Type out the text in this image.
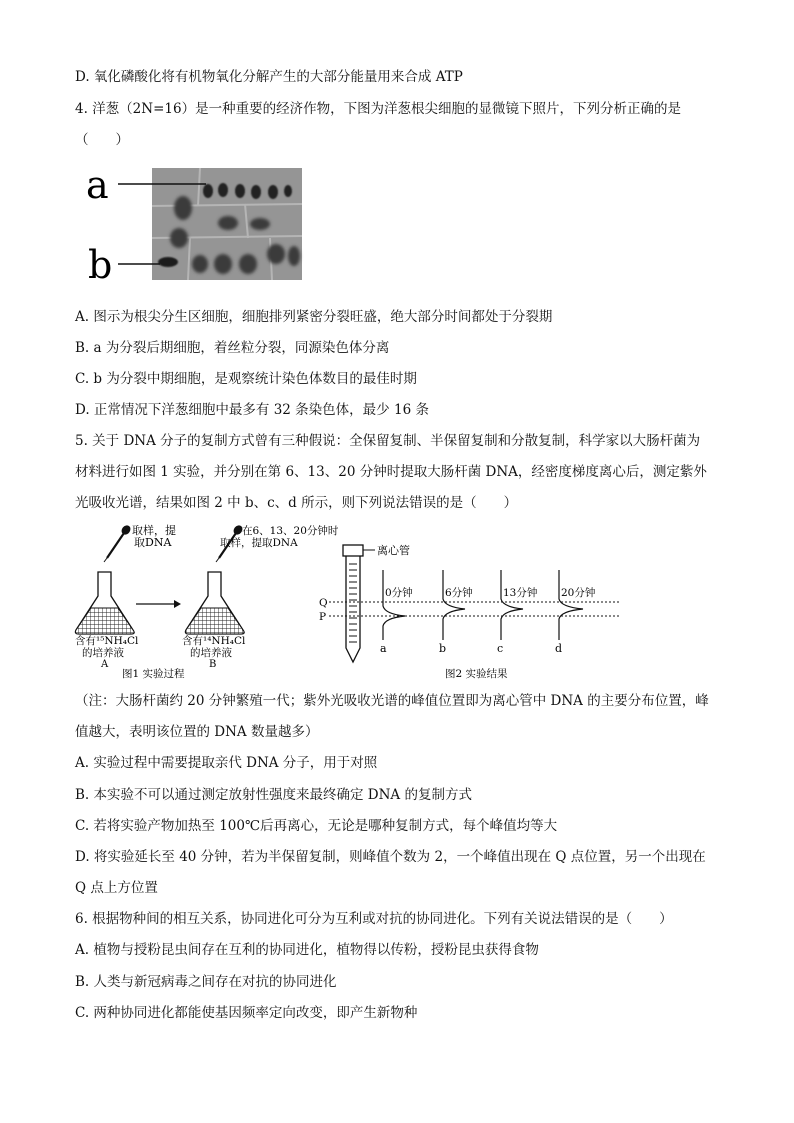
D. 氧化磷酸化将有机物氧化分解产生的大部分能量用来合成 ATP
4. 洋葱（2N=16）是一种重要的经济作物，下图为洋葱根尖细胞的显微镜下照片，下列分析正确的是
（　　）
a
b
A. 图示为根尖分生区细胞，细胞排列紧密分裂旺盛，绝大部分时间都处于分裂期
B. a 为分裂后期细胞，着丝粒分裂，同源染色体分离
C. b 为分裂中期细胞，是观察统计染色体数目的最佳时期
D. 正常情况下洋葱细胞中最多有 32 条染色体，最少 16 条
5. 关于 DNA 分子的复制方式曾有三种假说：全保留复制、半保留复制和分散复制，科学家以大肠杆菌为
材料进行如图 1 实验，并分别在第 6、13、20 分钟时提取大肠杆菌 DNA，经密度梯度离心后，测定紫外
光吸收光谱，结果如图 2 中 b、c、d 所示，则下列说法错误的是（　　）
取样，提
取DNA
含有¹⁵NH₄Cl
的培养液
A
在6、13、20分钟时
取样，提取DNA
含有¹⁴NH₄Cl
的培养液
B
图1 实验过程
离心管
Q
P
0分钟
a
6分钟
b
13分钟
c
20分钟
d
图2 实验结果
（注：大肠杆菌约 20 分钟繁殖一代；紫外光吸收光谱的峰值位置即为离心管中 DNA 的主要分布位置，峰
值越大，表明该位置的 DNA 数量越多）
A. 实验过程中需要提取亲代 DNA 分子，用于对照
B. 本实验不可以通过测定放射性强度来最终确定 DNA 的复制方式
C. 若将实验产物加热至 100℃后再离心，无论是哪种复制方式，每个峰值均等大
D. 将实验延长至 40 分钟，若为半保留复制，则峰值个数为 2，一个峰值出现在 Q 点位置，另一个出现在
Q 点上方位置
6. 根据物种间的相互关系，协同进化可分为互利或对抗的协同进化。下列有关说法错误的是（　　）
A. 植物与授粉昆虫间存在互利的协同进化，植物得以传粉，授粉昆虫获得食物
B. 人类与新冠病毒之间存在对抗的协同进化
C. 两种协同进化都能使基因频率定向改变，即产生新物种
